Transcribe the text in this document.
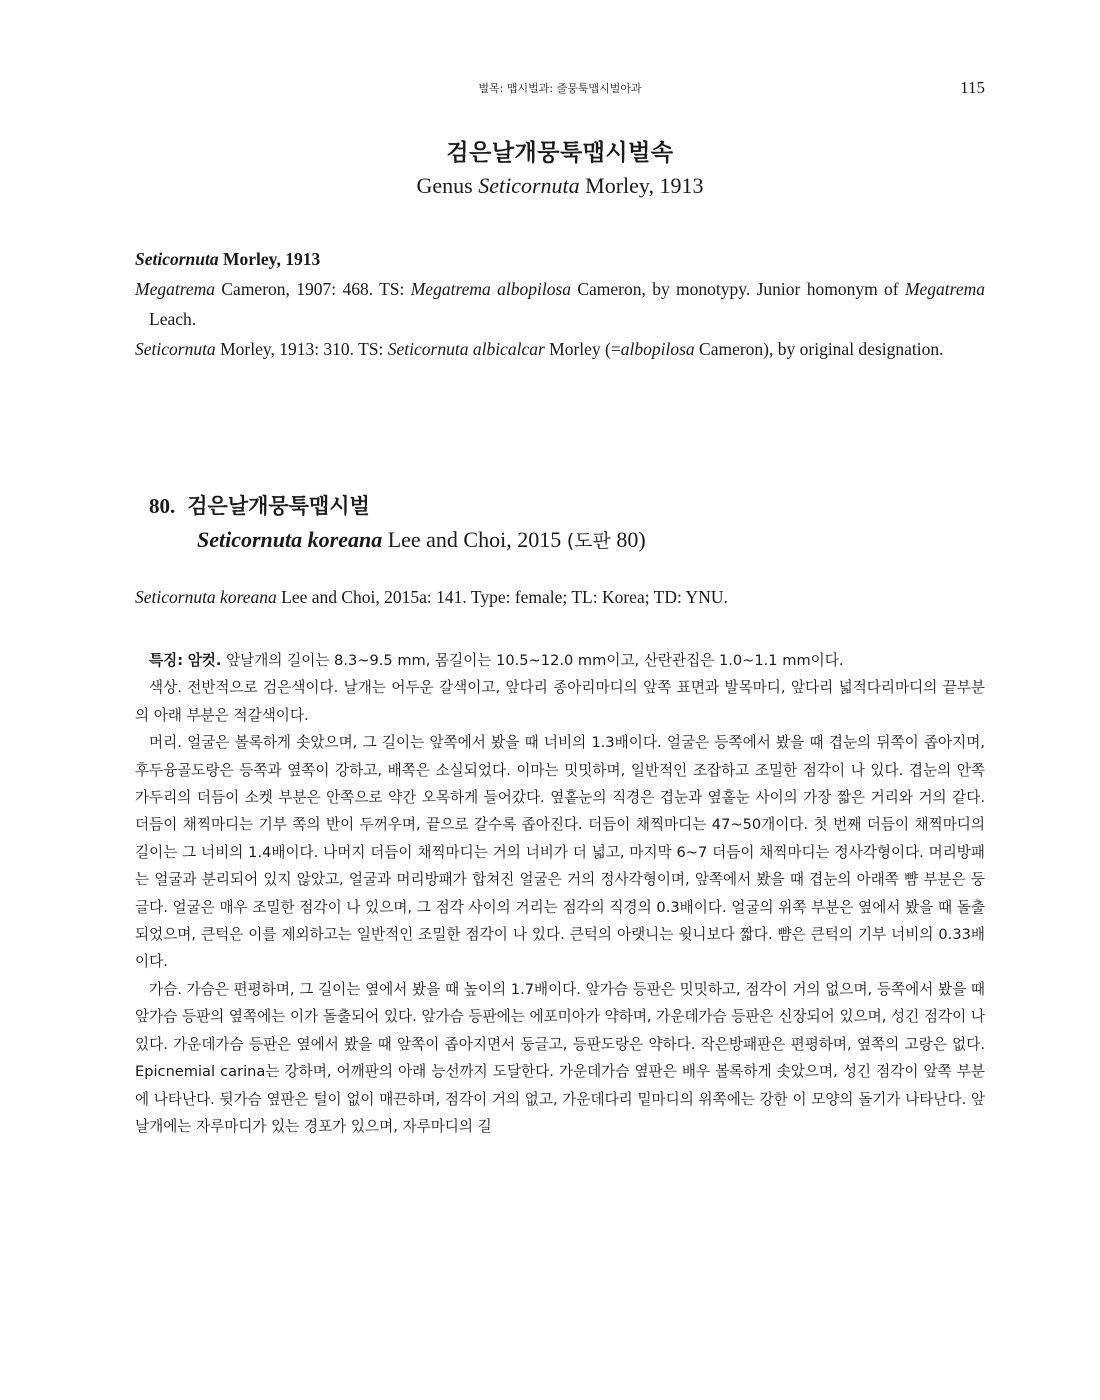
벌목: 맵시벌과: 줄뭉툭맵시벌아과	115
검은날개뭉툭맵시벌속
Genus Seticornuta Morley, 1913
Seticornuta Morley, 1913
Megatrema Cameron, 1907: 468. TS: Megatrema albopilosa Cameron, by monotypy. Junior homonym of Megatrema Leach.
Seticornuta Morley, 1913: 310. TS: Seticornuta albicalcar Morley (=albopilosa Cameron), by original designation.
80. 검은날개뭉툭맵시벌
Seticornuta koreana Lee and Choi, 2015 (도판 80)
Seticornuta koreana Lee and Choi, 2015a: 141. Type: female; TL: Korea; TD: YNU.

특징: 암컷. 앞날개의 길이는 8.3~9.5 mm, 몸길이는 10.5~12.0 mm이고, 산란관집은 1.0~1.1 mm이다.

색상. 전반적으로 검은색이다. 날개는 어두운 갈색이고, 앞다리 종아리마디의 앞쪽 표면과 발목마디, 앞다리 넓적다리마디의 끝부분의 아래 부분은 적갈색이다.

머리. 얼굴은 볼록하게 솟았으며, 그 길이는 앞쪽에서 봤을 때 너비의 1.3배이다. 얼굴은 등쪽에서 봤을 때 겹눈의 뒤쪽이 좁아지며, 후두융골도랑은 등쪽과 옆쪽이 강하고, 배쪽은 소실되었다. 이마는 밋밋하며, 일반적인 조잡하고 조밀한 점각이 나 있다. 겹눈의 안쪽 가두리의 더듬이 소켓 부분은 안쪽으로 약간 오목하게 들어갔다. 옆홑눈의 직경은 겹눈과 옆홑눈 사이의 가장 짧은 거리와 거의 같다. 더듬이 채찍마디는 기부 쪽의 반이 두꺼우며, 끝으로 갈수록 좁아진다. 더듬이 채찍마디는 47~50개이다. 첫 번째 더듬이 채찍마디의 길이는 그 너비의 1.4배이다. 나머지 더듬이 채찍마디는 거의 너비가 더 넓고, 마지막 6~7 더듬이 채찍마디는 정사각형이다. 머리방패는 얼굴과 분리되어 있지 않았고, 얼굴과 머리방패가 합쳐진 얼굴은 거의 정사각형이며, 앞쪽에서 봤을 때 겹눈의 아래쪽 뺨 부분은 둥글다. 얼굴은 매우 조밀한 점각이 나 있으며, 그 점각 사이의 거리는 점각의 직경의 0.3배이다. 얼굴의 위쪽 부분은 옆에서 봤을 때 돌출되었으며, 큰턱은 이를 제외하고는 일반적인 조밀한 점각이 나 있다. 큰턱의 아랫니는 윗니보다 짧다. 뺨은 큰턱의 기부 너비의 0.33배이다.

가슴. 가슴은 편평하며, 그 길이는 옆에서 봤을 때 높이의 1.7배이다. 앞가슴 등판은 밋밋하고, 점각이 거의 없으며, 등쪽에서 봤을 때 앞가슴 등판의 옆쪽에는 이가 돌출되어 있다. 앞가슴 등판에는 에포미아가 약하며, 가운데가슴 등판은 신장되어 있으며, 성긴 점각이 나 있다. 가운데가슴 등판은 옆에서 봤을 때 앞쪽이 좁아지면서 둥글고, 등판도랑은 약하다. 작은방패판은 편평하며, 옆쪽의 고랑은 없다. Epicnemial carina는 강하며, 어깨판의 아래 능선까지 도달한다. 가운데가슴 옆판은 배우 볼록하게 솟았으며, 성긴 점각이 앞쪽 부분에 나타난다. 뒷가슴 옆판은 털이 없이 매끈하며, 점각이 거의 없고, 가운데다리 밑마디의 위쪽에는 강한 이 모양의 돌기가 나타난다. 앞날개에는 자루마디가 있는 경포가 있으며, 자루마디의 길
